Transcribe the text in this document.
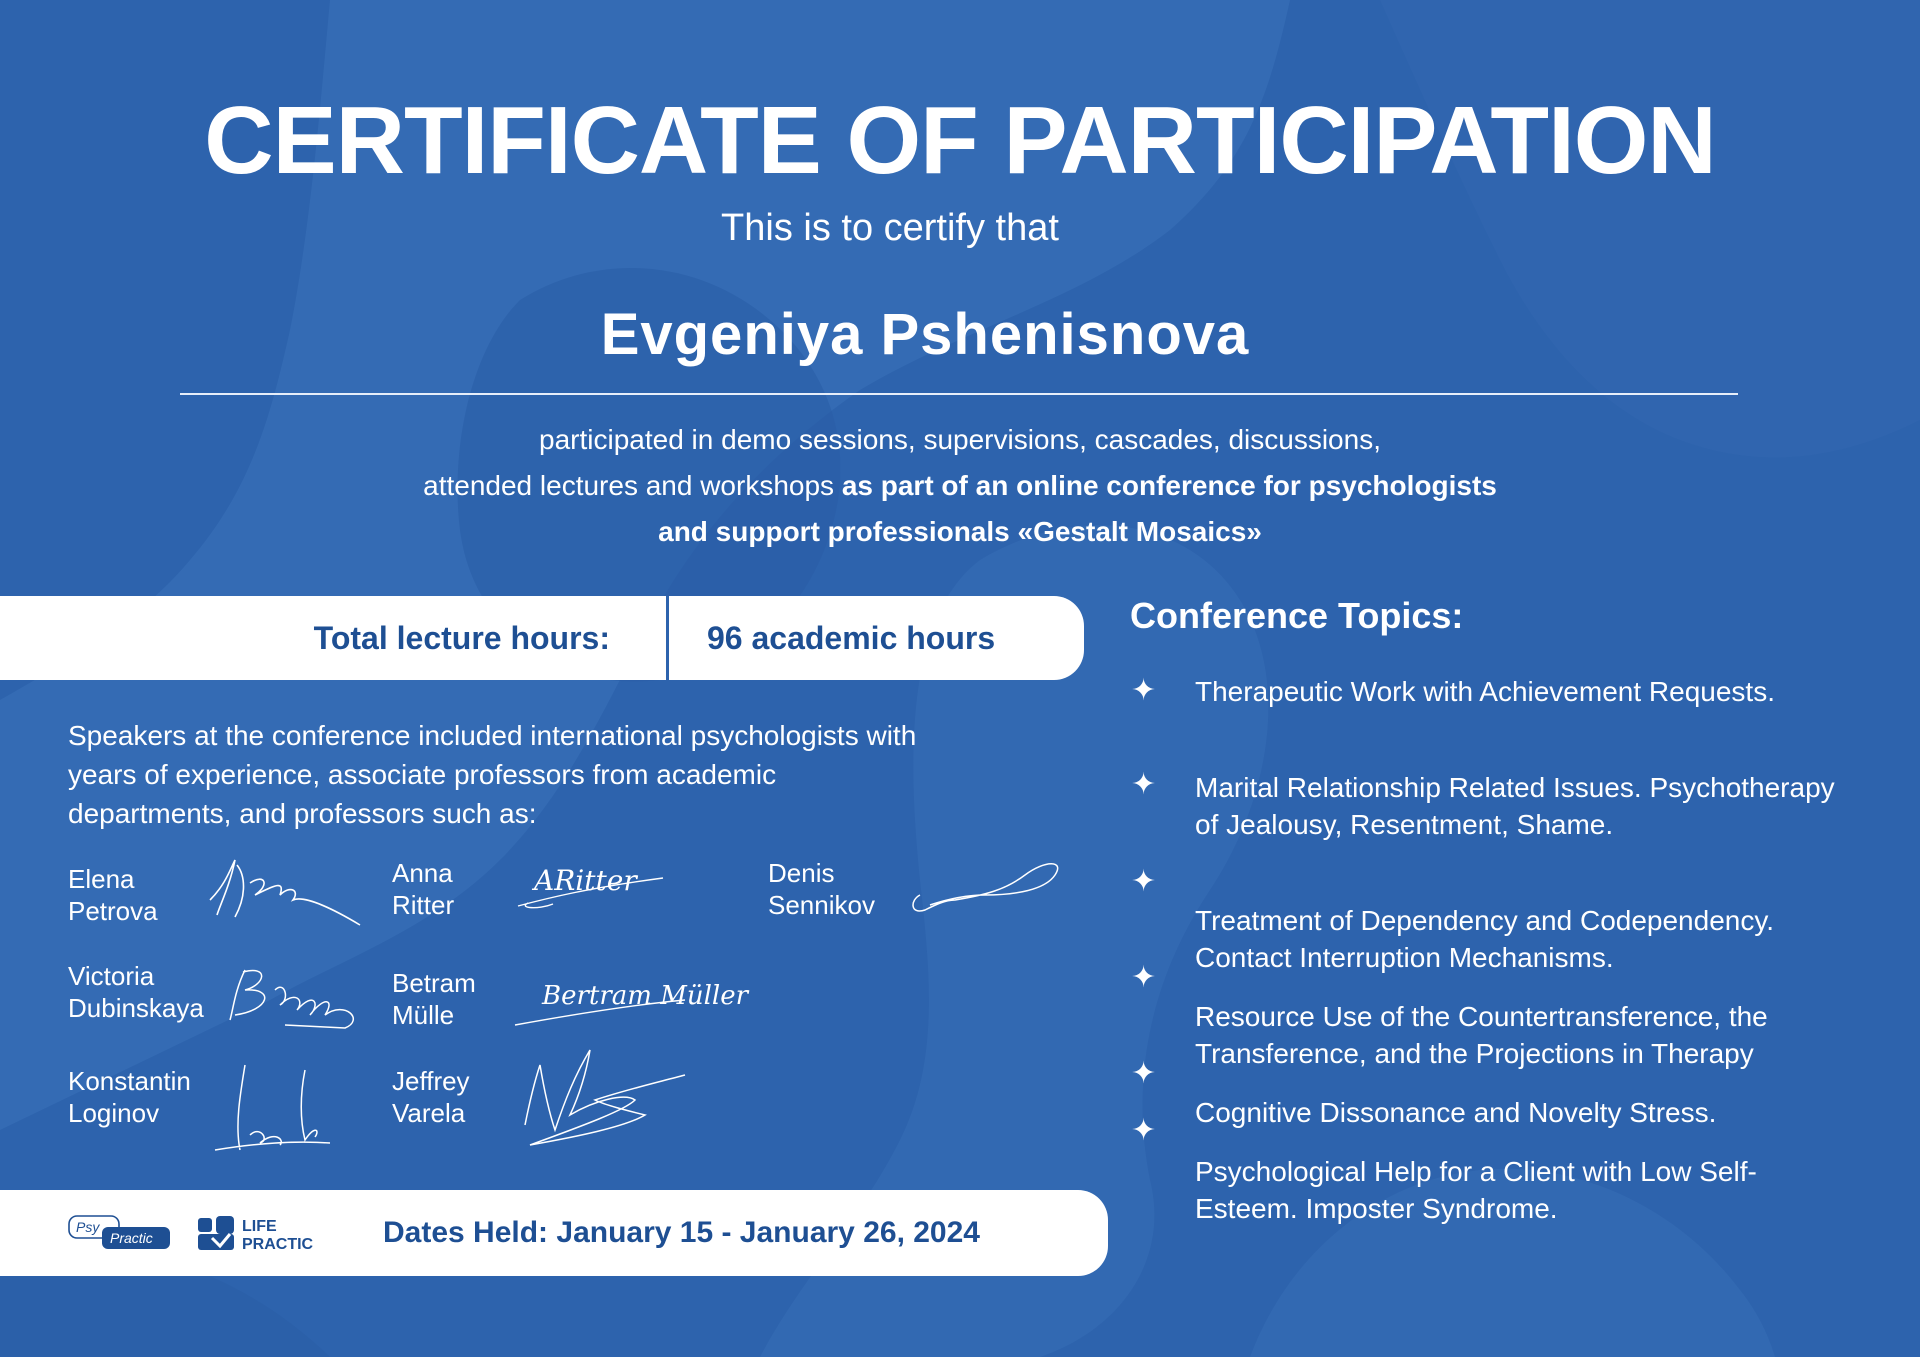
CERTIFICATE OF PARTICIPATION
This is to certify that
Evgeniya Pshenisnova
participated in demo sessions, supervisions, cascades, discussions,
attended lectures and workshops as part of an online conference for psychologists
and support professionals «Gestalt Mosaics»
Total lecture hours:	96 academic hours
Speakers at the conference included international psychologists with years of experience, associate professors from academic departments, and professors such as:
Elena
Petrova
Anna
Ritter
ARitter	Denis
Sennikov
Victoria
Dubinskaya
Betram
Mülle
Bertram Müller
Konstantin
Loginov
Jeffrey
Varela
Conference Topics:
✦
✦
✦
✦
✦
✦
Therapeutic Work with Achievement Requests.
Marital Relationship Related Issues. Psychotherapy of Jealousy, Resentment, Shame.
Treatment of Dependency and Codependency. Contact Interruption Mechanisms.
Resource Use of the Countertransference, the Transference, and the Projections in Therapy
Cognitive Dissonance and Novelty Stress.
Psychological Help for a Client with Low Self-Esteem. Imposter Syndrome.
Psy
Practic
LIFE
PRACTIC Dates Held: January 15 - January 26, 2024
